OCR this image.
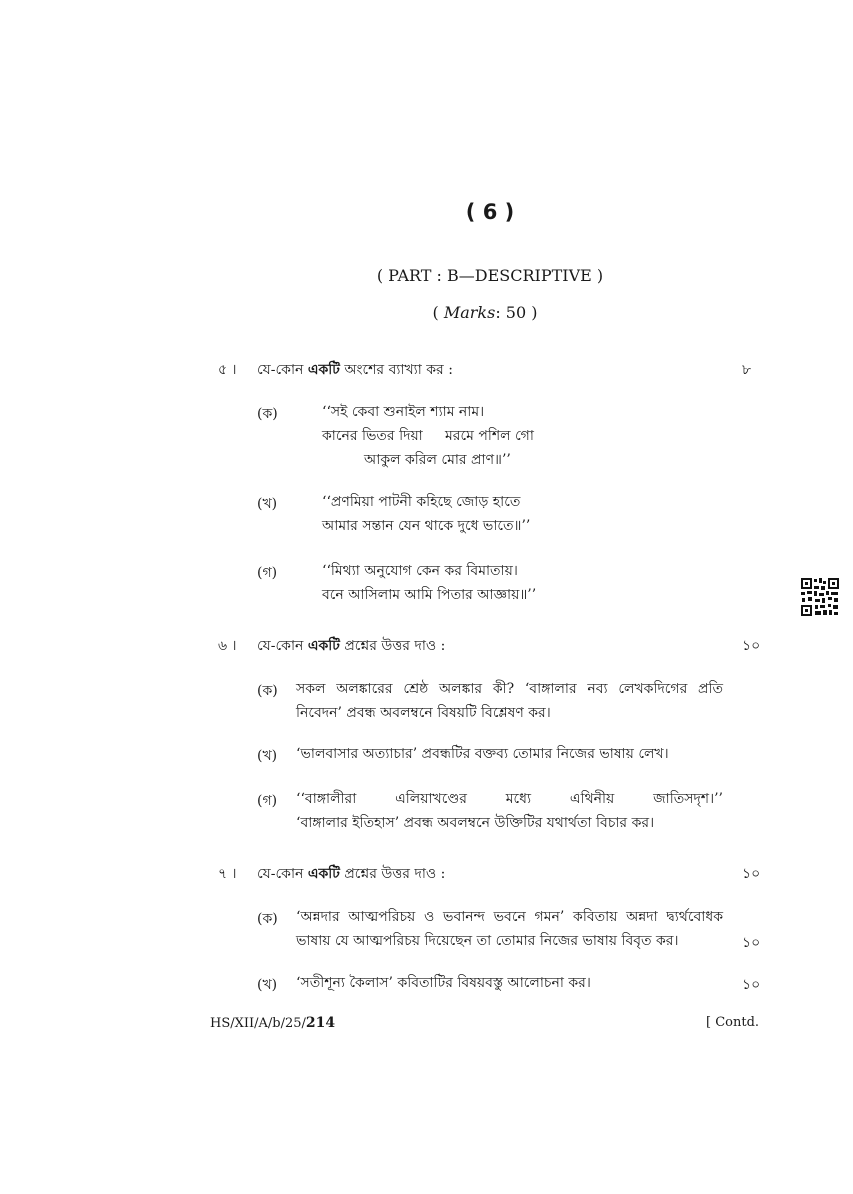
( 6 )
( PART : B—DESCRIPTIVE )
( Marks: 50 )
৫ । যে-কোন একটি অংশের ব্যাখ্যা কর :	৮
(ক)	‘‘সই কেবা শুনাইল শ্যাম নাম।
কানের ভিতর দিয়া     মরমে পশিল গো
আকুল করিল মোর প্রাণ॥’’
(খ)	‘‘প্রণমিয়া পাটনী কহিছে জোড় হাতে
আমার সন্তান যেন থাকে দুধে ভাতে॥’’
(গ)	‘‘মিথ্যা অনুযোগ কেন কর বিমাতায়।
বনে আসিলাম আমি পিতার আজ্ঞায়॥’’
৬ । যে-কোন একটি প্রশ্নের উত্তর দাও :	১০
(ক) সকল অলঙ্কারের শ্রেষ্ঠ অলঙ্কার কী? ‘বাঙ্গালার নব্য লেখকদিগের প্রতি
নিবেদন’ প্রবন্ধ অবলম্বনে বিষয়টি বিশ্লেষণ কর।
(খ) ‘ভালবাসার অত্যাচার’ প্রবন্ধটির বক্তব্য তোমার নিজের ভাষায় লেখ।
(গ) ‘‘বাঙ্গালীরা     এলিয়াখণ্ডের     মধ্যে     এথিনীয়     জাতিসদৃশ।’’
‘বাঙ্গালার ইতিহাস’ প্রবন্ধ অবলম্বনে উক্তিটির যথার্থতা বিচার কর।
৭ । যে-কোন একটি প্রশ্নের উত্তর দাও :	১০
(ক) ‘অন্নদার আত্মপরিচয় ও ভবানন্দ ভবনে গমন’ কবিতায় অন্নদা দ্ব্যর্থবোধক
ভাষায় যে আত্মপরিচয় দিয়েছেন তা তোমার নিজের ভাষায় বিবৃত কর।	১০
(খ) ‘সতীশূন্য কৈলাস’ কবিতাটির বিষয়বস্তু আলোচনা কর।	১০
HS/XII/A/b/25/214	[ Contd.
